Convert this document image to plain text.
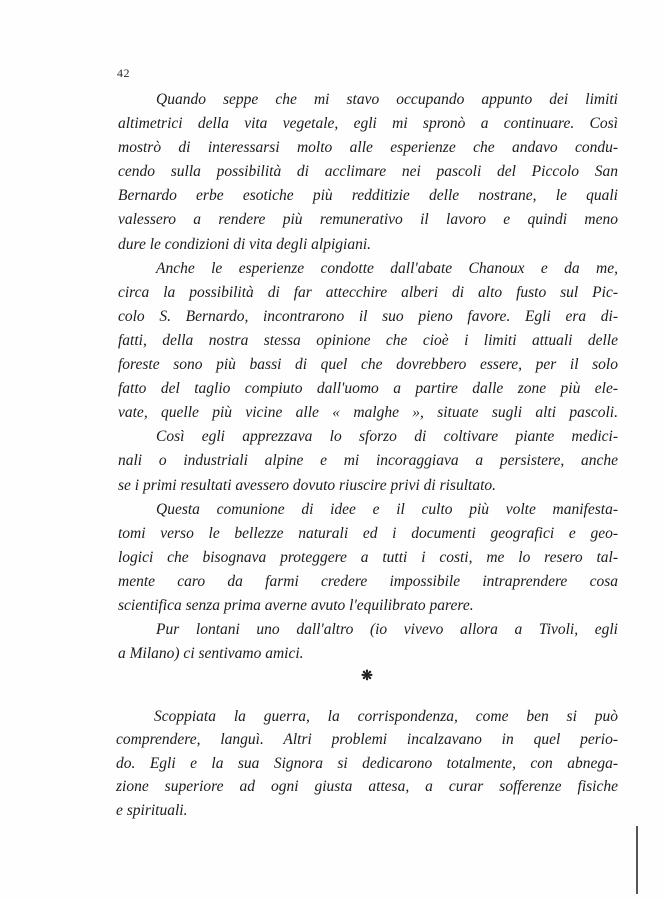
42
Quando seppe che mi stavo occupando appunto dei limiti
altimetrici della vita vegetale, egli mi spronò a continuare. Così
mostrò di interessarsi molto alle esperienze che andavo condu-
cendo sulla possibilità di acclimare nei pascoli del Piccolo San
Bernardo erbe esotiche più redditizie delle nostrane, le quali
valessero a rendere più remunerativo il lavoro e quindi meno
dure le condizioni di vita degli alpigiani.
Anche le esperienze condotte dall'abate Chanoux e da me,
circa la possibilità di far attecchire alberi di alto fusto sul Pic-
colo S. Bernardo, incontrarono il suo pieno favore. Egli era di-
fatti, della nostra stessa opinione che cioè i limiti attuali delle
foreste sono più bassi di quel che dovrebbero essere, per il solo
fatto del taglio compiuto dall'uomo a partire dalle zone più ele-
vate, quelle più vicine alle « malghe », situate sugli alti pascoli.
Così egli apprezzava lo sforzo di coltivare piante medici-
nali o industriali alpine e mi incoraggiava a persistere, anche
se i primi resultati avessero dovuto riuscire privi di risultato.
Questa comunione di idee e il culto più volte manifesta-
tomi verso le bellezze naturali ed i documenti geografici e geo-
logici che bisognava proteggere a tutti i costi, me lo resero tal-
mente caro da farmi credere impossibile intraprendere cosa
scientifica senza prima averne avuto l'equilibrato parere.
Pur lontani uno dall'altro (io vivevo allora a Tivoli, egli
a Milano) ci sentivamo amici.
❋
Scoppiata la guerra, la corrispondenza, come ben si può
comprendere, languì. Altri problemi incalzavano in quel perio-
do. Egli e la sua Signora si dedicarono totalmente, con abnega-
zione superiore ad ogni giusta attesa, a curar sofferenze fisiche
e spirituali.
